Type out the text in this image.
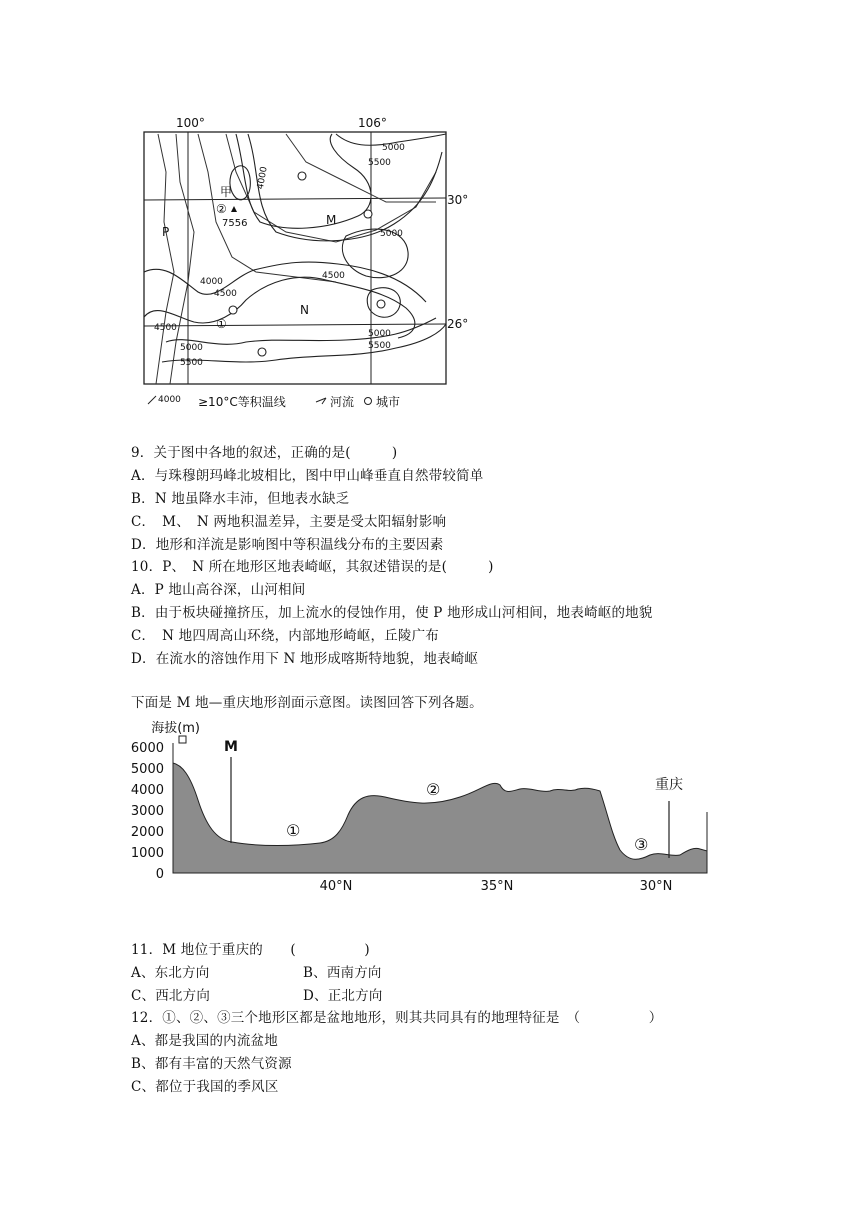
100°	106°
30°
26°
甲
②
7556
P
M
N
①
4000
4000
4500
4500
4500
5000
5000
5000
5000
5500
5500
5500
4000 ≥10°C等积温线	河流 城市
9．关于图中各地的叙述，正确的是(　　　)
A．与珠穆朗玛峰北坡相比，图中甲山峰垂直自然带较简单
B．N 地虽降水丰沛，但地表水缺乏
C．　M、　N 两地积温差异，主要是受太阳辐射影响
D．地形和洋流是影响图中等积温线分布的主要因素
10．P、　N 所在地形区地表崎岖，其叙述错误的是(　　　)
A．P 地山高谷深，山河相间
B．由于板块碰撞挤压，加上流水的侵蚀作用，使 P 地形成山河相间，地表崎岖的地貌
C．　N 地四周高山环绕，内部地形崎岖，丘陵广布
D．在流水的溶蚀作用下 N 地形成喀斯特地貌，地表崎岖
下面是 M 地—重庆地形剖面示意图。读图回答下列各题。
海拔(m)
6000
5000
4000
3000
2000
1000
0
M
重庆
①
②
③
40°N	35°N	30°N
11．M 地位于重庆的　　(　　　　　)
A、东北方向	B、西南方向
C、西北方向	D、正北方向
12．①、②、③三个地形区都是盆地地形，则其共同具有的地理特征是　（　　　　　）
A、都是我国的内流盆地
B、都有丰富的天然气资源
C、都位于我国的季风区
